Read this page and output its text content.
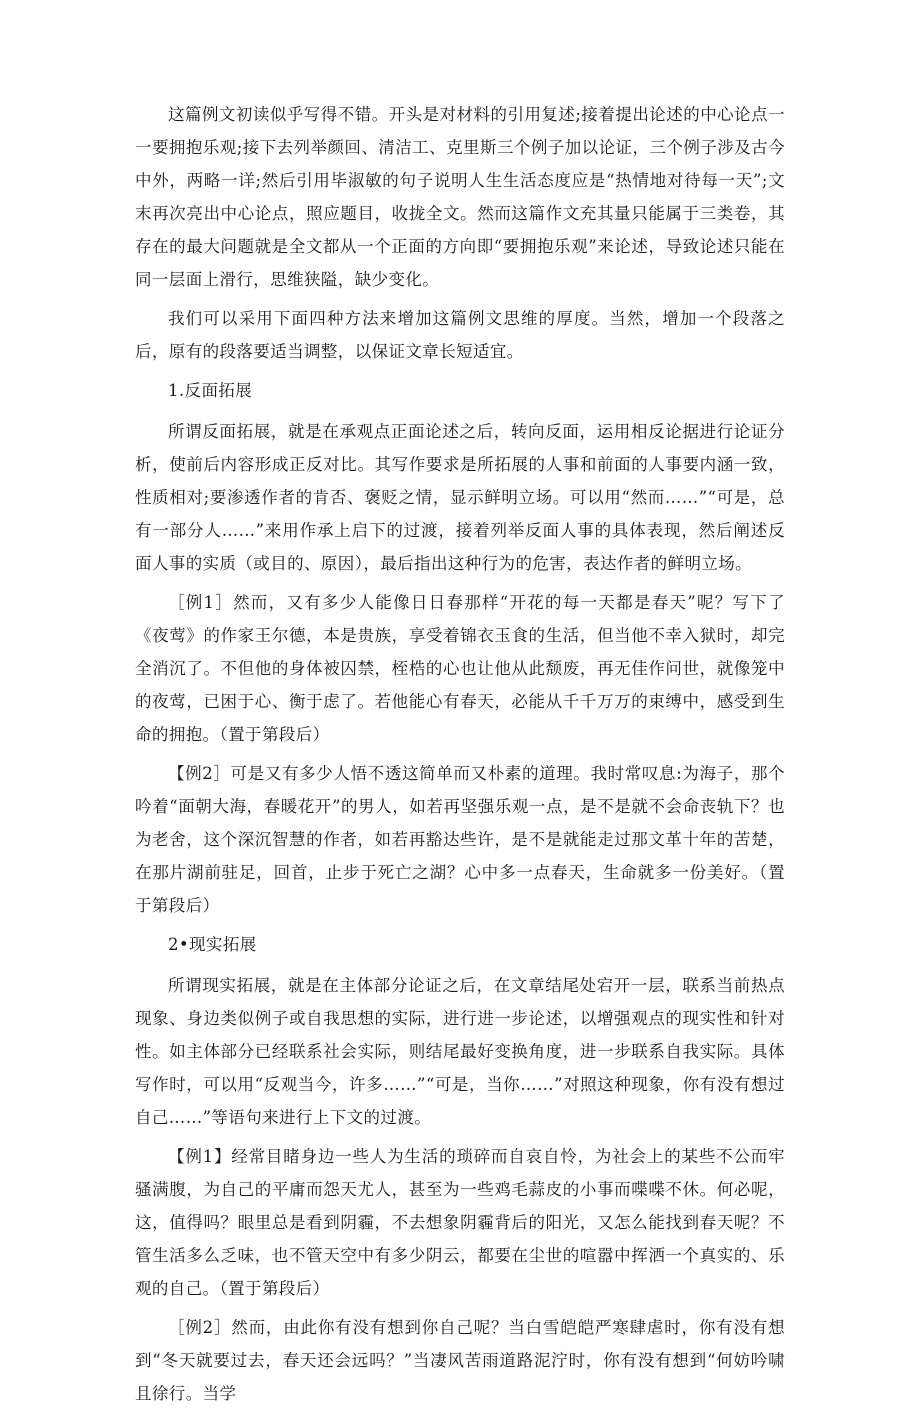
这篇例文初读似乎写得不错。开头是对材料的引用复述;接着提出论述的中心论点一一要拥抱乐观;接下去列举颜回、清洁工、克里斯三个例子加以论证，三个例子涉及古今中外，两略一详;然后引用毕淑敏的句子说明人生生活态度应是“热情地对待每一天”;文末再次亮出中心论点，照应题目，收拢全文。然而这篇作文充其量只能属于三类卷，其存在的最大问题就是全文都从一个正面的方向即“要拥抱乐观”来论述，导致论述只能在同一层面上滑行，思维狭隘，缺少变化。

我们可以采用下面四种方法来增加这篇例文思维的厚度。当然，增加一个段落之后，原有的段落要适当调整，以保证文章长短适宜。

1.反面拓展

所谓反面拓展，就是在承观点正面论述之后，转向反面，运用相反论据进行论证分析，使前后内容形成正反对比。其写作要求是所拓展的人事和前面的人事要内涵一致，性质相对;要渗透作者的肯否、褒贬之情，显示鲜明立场。可以用“然而……”“可是，总有一部分人……”来用作承上启下的过渡，接着列举反面人事的具体表现，然后阐述反面人事的实质（或目的、原因），最后指出这种行为的危害，表达作者的鲜明立场。

［例1］然而，又有多少人能像日日春那样“开花的每一天都是春天”呢？写下了《夜莺》的作家王尔德，本是贵族，享受着锦衣玉食的生活，但当他不幸入狱时，却完全消沉了。不但他的身体被囚禁，桎梏的心也让他从此颓废，再无佳作问世，就像笼中的夜莺，已困于心、衡于虑了。若他能心有春天，必能从千千万万的束缚中，感受到生命的拥抱。（置于第段后）

【例2］可是又有多少人悟不透这简单而又朴素的道理。我时常叹息:为海子，那个吟着“面朝大海，春暖花开”的男人，如若再坚强乐观一点，是不是就不会命丧轨下？也为老舍，这个深沉智慧的作者，如若再豁达些许，是不是就能走过那文革十年的苦楚，在那片湖前驻足，回首，止步于死亡之湖？心中多一点春天，生命就多一份美好。（置于第段后）

2•现实拓展

所谓现实拓展，就是在主体部分论证之后，在文章结尾处宕开一层，联系当前热点现象、身边类似例子或自我思想的实际，进行进一步论述，以增强观点的现实性和针对性。如主体部分已经联系社会实际，则结尾最好变换角度，进一步联系自我实际。具体写作时，可以用“反观当今，许多……”“可是，当你……”对照这种现象，你有没有想过自己……”等语句来进行上下文的过渡。

【例1】经常目睹身边一些人为生活的琐碎而自哀自怜，为社会上的某些不公而牢骚满腹，为自己的平庸而怨天尤人，甚至为一些鸡毛蒜皮的小事而喋喋不休。何必呢，这，值得吗？眼里总是看到阴霾，不去想象阴霾背后的阳光，又怎么能找到春天呢？不管生活多么乏味，也不管天空中有多少阴云，都要在尘世的喧嚣中挥洒一个真实的、乐观的自己。（置于第段后）

［例2］然而，由此你有没有想到你自己呢？当白雪皑皑严寒肆虐时，你有没有想到“冬天就要过去，春天还会远吗？”当凄风苦雨道路泥泞时，你有没有想到“何妨吟啸且徐行。当学
